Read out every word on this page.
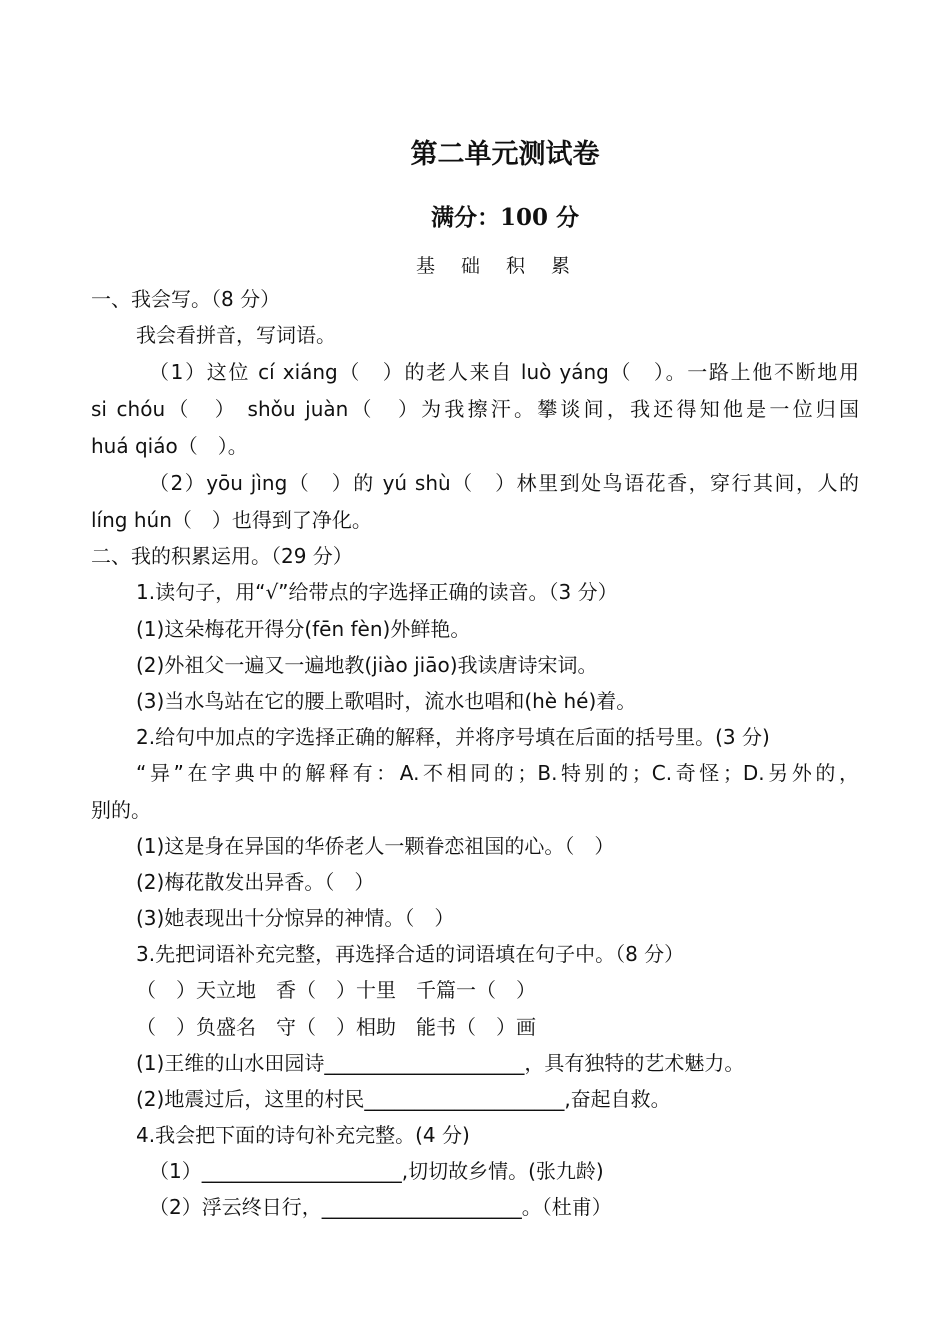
第二单元测试卷
满分：100 分
基 础 积 累

一、我会写。（8 分）

我会看拼音，写词语。

（1）这位 cí xiáng（　）的老人来自 luò yáng（　）。一路上他不断地用

si chóu（　） shǒu juàn（　）为我擦汗。攀谈间，我还得知他是一位归国

huá qiáo（　）。

（2）yōu jìng（　）的 yú shù（　）林里到处鸟语花香，穿行其间，人的

líng hún（　）也得到了净化。

二、我的积累运用。（29 分）

1.读句子，用“√”给带点的字选择正确的读音。（3 分）

(1)这朵梅花开得分(fēn fèn)外鲜艳。

(2)外祖父一遍又一遍地教(jiào jiāo)我读唐诗宋词。

(3)当水鸟站在它的腰上歌唱时，流水也唱和(hè hé)着。

2.给句中加点的字选择正确的解释，并将序号填在后面的括号里。(3 分)

“异”在字典中的解释有：A.不相同的；B.特别的；C.奇怪；D.另外的，

别的。

(1)这是身在异国的华侨老人一颗眷恋祖国的心。（　）

(2)梅花散发出异香。（　）

(3)她表现出十分惊异的神情。（　）

3.先把词语补充完整，再选择合适的词语填在句子中。（8 分）

（　）天立地　香（　）十里　千篇一（　）

（　）负盛名　守（　）相助　能书（　）画

(1)王维的山水田园诗____________________，具有独特的艺术魅力。

(2)地震过后，这里的村民____________________,奋起自救。

4.我会把下面的诗句补充完整。(4 分)

（1）____________________,切切故乡情。(张九龄)

（2）浮云终日行，____________________。（杜甫）
